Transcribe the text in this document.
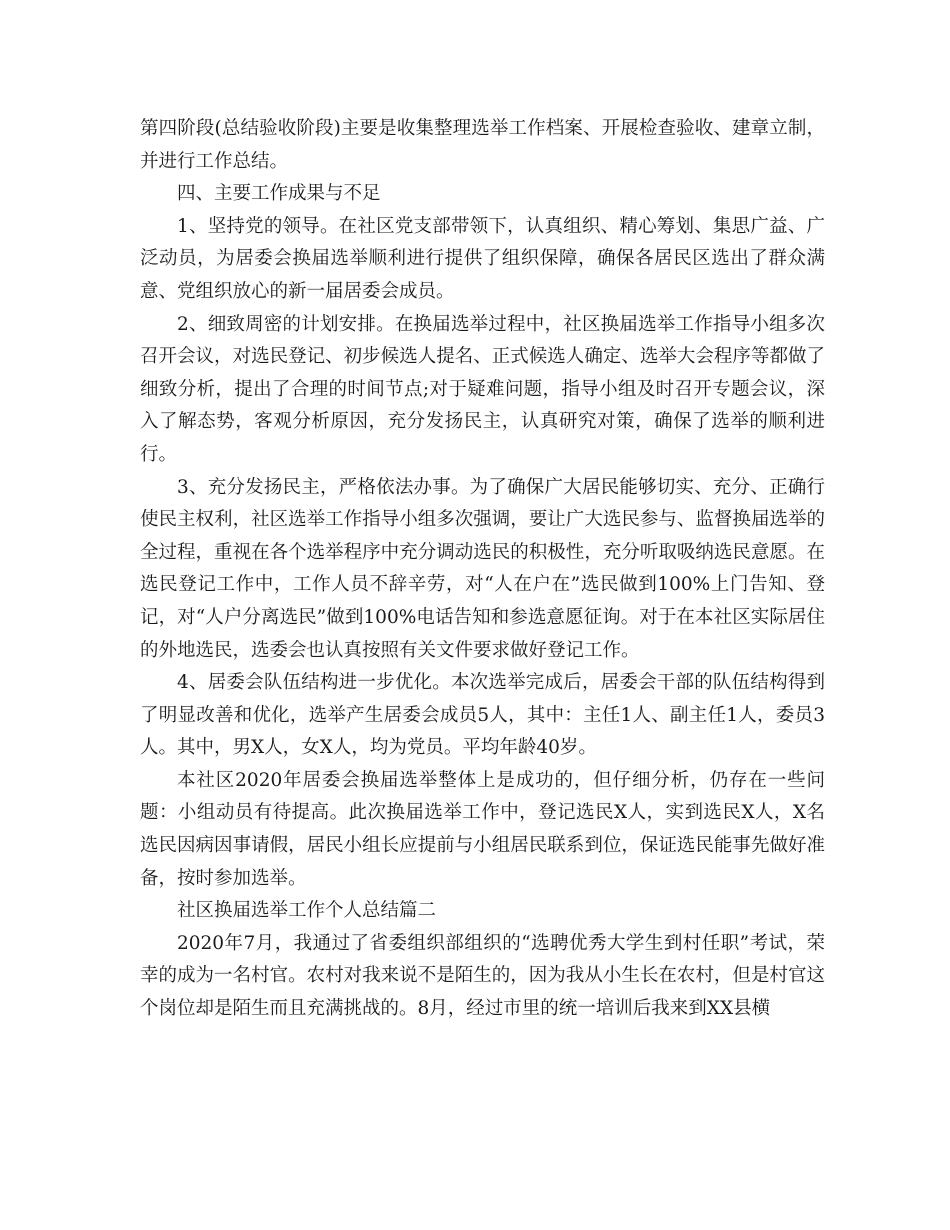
第四阶段(总结验收阶段)主要是收集整理选举工作档案、开展检查验收、建章立制，并进行工作总结。

四、主要工作成果与不足

1、坚持党的领导。在社区党支部带领下，认真组织、精心筹划、集思广益、广泛动员，为居委会换届选举顺利进行提供了组织保障，确保各居民区选出了群众满意、党组织放心的新一届居委会成员。

2、细致周密的计划安排。在换届选举过程中，社区换届选举工作指导小组多次召开会议，对选民登记、初步候选人提名、正式候选人确定、选举大会程序等都做了细致分析，提出了合理的时间节点;对于疑难问题，指导小组及时召开专题会议，深入了解态势，客观分析原因，充分发扬民主，认真研究对策，确保了选举的顺利进行。

3、充分发扬民主，严格依法办事。为了确保广大居民能够切实、充分、正确行使民主权利，社区选举工作指导小组多次强调，要让广大选民参与、监督换届选举的全过程，重视在各个选举程序中充分调动选民的积极性，充分听取吸纳选民意愿。在选民登记工作中，工作人员不辞辛劳，对“人在户在”选民做到100%上门告知、登记，对“人户分离选民”做到100%电话告知和参选意愿征询。对于在本社区实际居住的外地选民，选委会也认真按照有关文件要求做好登记工作。

4、居委会队伍结构进一步优化。本次选举完成后，居委会干部的队伍结构得到了明显改善和优化，选举产生居委会成员5人，其中：主任1人、副主任1人，委员3人。其中，男X人，女X人，均为党员。平均年龄40岁。

本社区2020年居委会换届选举整体上是成功的，但仔细分析，仍存在一些问题：小组动员有待提高。此次换届选举工作中，登记选民X人，实到选民X人，X名选民因病因事请假，居民小组长应提前与小组居民联系到位，保证选民能事先做好准备，按时参加选举。

社区换届选举工作个人总结篇二

2020年7月，我通过了省委组织部组织的“选聘优秀大学生到村任职”考试，荣幸的成为一名村官。农村对我来说不是陌生的，因为我从小生长在农村，但是村官这个岗位却是陌生而且充满挑战的。8月，经过市里的统一培训后我来到XX县横
